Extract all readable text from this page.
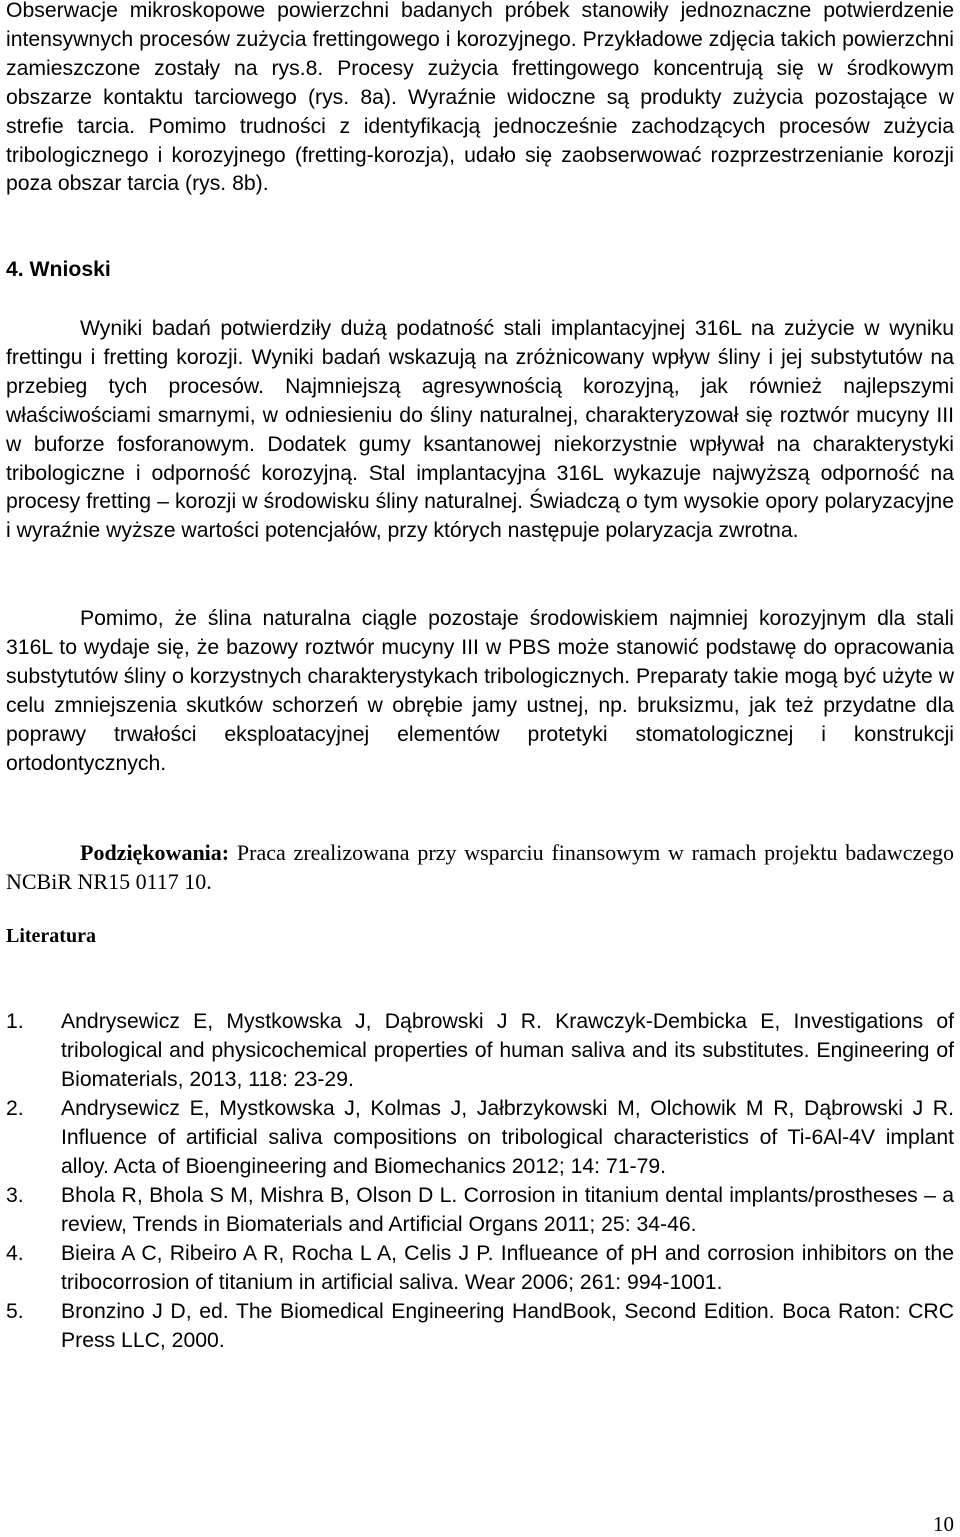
Obserwacje mikroskopowe powierzchni badanych próbek stanowiły jednoznaczne potwierdzenie intensywnych procesów zużycia frettingowego i korozyjnego. Przykładowe zdjęcia takich powierzchni zamieszczone zostały na rys.8. Procesy zużycia frettingowego koncentrują się w środkowym obszarze kontaktu tarciowego (rys. 8a). Wyraźnie widoczne są produkty zużycia pozostające w strefie tarcia. Pomimo trudności z identyfikacją jednocześnie zachodzących procesów zużycia tribologicznego i korozyjnego (fretting-korozja), udało się zaobserwować rozprzestrzenianie korozji poza obszar tarcia (rys. 8b).

4. Wnioski

Wyniki badań potwierdziły dużą podatność stali implantacyjnej 316L na zużycie w wyniku frettingu i fretting korozji. Wyniki badań wskazują na zróżnicowany wpływ śliny i jej substytutów na przebieg tych procesów. Najmniejszą agresywnością korozyjną, jak również najlepszymi właściwościami smarnymi, w odniesieniu do śliny naturalnej, charakteryzował się roztwór mucyny III w buforze fosforanowym. Dodatek gumy ksantanowej niekorzystnie wpływał na charakterystyki tribologiczne i odporność korozyjną. Stal implantacyjna 316L wykazuje najwyższą odporność na procesy fretting – korozji w środowisku śliny naturalnej. Świadczą o tym wysokie opory polaryzacyjne i wyraźnie wyższe wartości potencjałów, przy których następuje polaryzacja zwrotna.

Pomimo, że ślina naturalna ciągle pozostaje środowiskiem najmniej korozyjnym dla stali 316L to wydaje się, że bazowy roztwór mucyny III w PBS może stanowić podstawę do opracowania substytutów śliny o korzystnych charakterystykach tribologicznych. Preparaty takie mogą być użyte w celu zmniejszenia skutków schorzeń w obrębie jamy ustnej, np. bruksizmu, jak też przydatne dla poprawy trwałości eksploatacyjnej elementów protetyki stomatologicznej i konstrukcji ortodontycznych.

Podziękowania: Praca zrealizowana przy wsparciu finansowym w ramach projektu badawczego NCBiR NR15 0117 10.

Literatura
1. Andrysewicz E, Mystkowska J, Dąbrowski J R. Krawczyk-Dembicka E, Investigations of tribological and physicochemical properties of human saliva and its substitutes. Engineering of Biomaterials, 2013, 118: 23-29.
2. Andrysewicz E, Mystkowska J, Kolmas J, Jałbrzykowski M, Olchowik M R, Dąbrowski J R. Influence of artificial saliva compositions on tribological characteristics of Ti-6Al-4V implant alloy. Acta of Bioengineering and Biomechanics 2012; 14: 71-79.
3. Bhola R, Bhola S M, Mishra B, Olson D L. Corrosion in titanium dental implants/prostheses – a review, Trends in Biomaterials and Artificial Organs 2011; 25: 34-46.
4. Bieira A C, Ribeiro A R, Rocha L A, Celis J P. Influeance of pH and corrosion inhibitors on the tribocorrosion of titanium in artificial saliva. Wear 2006; 261: 994-1001.
5. Bronzino J D, ed. The Biomedical Engineering HandBook, Second Edition. Boca Raton: CRC Press LLC, 2000.
10
